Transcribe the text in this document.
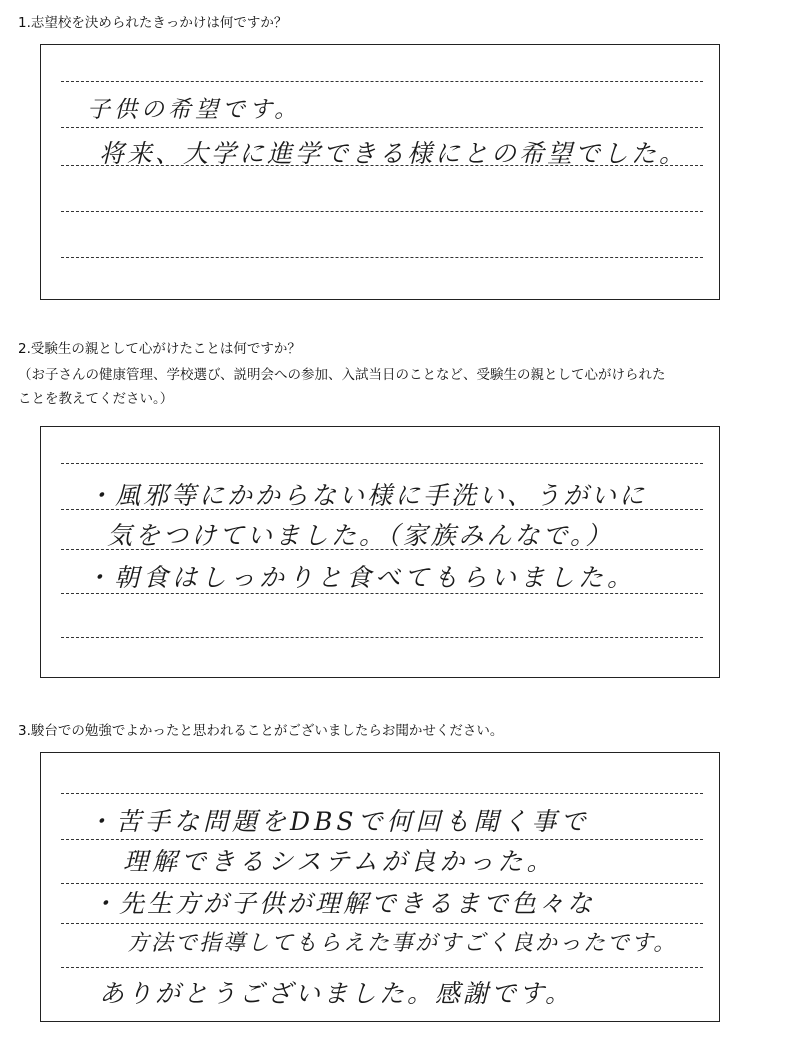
1.志望校を決められたきっかけは何ですか？
子供の希望です。
将来、大学に進学できる様にとの希望でした。
2.受験生の親として心がけたことは何ですか？

（お子さんの健康管理、学校選び、説明会への参加、入試当日のことなど、受験生の親として心がけられた

ことを教えてください。）

・風邪等にかからない様に手洗い、うがいに
気をつけていました。（家族みんなで。）
・朝食はしっかりと食べてもらいました。
3.駿台での勉強でよかったと思われることがございましたらお聞かせください。
・苦手な問題をDBSで何回も聞く事で
理解できるシステムが良かった。
・先生方が子供が理解できるまで色々な
方法で指導してもらえた事がすごく良かったです。
ありがとうございました。感謝です。
